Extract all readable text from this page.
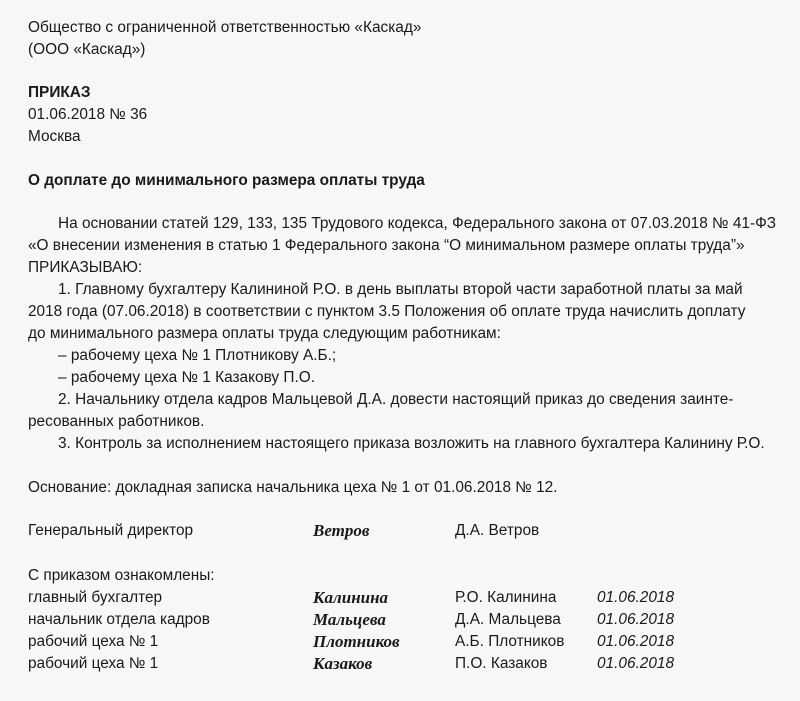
Общество с ограниченной ответственностью «Каскад»
(ООО «Каскад»)
ПРИКАЗ
01.06.2018 № 36
Москва
О доплате до минимального размера оплаты труда
На основании статей 129, 133, 135 Трудового кодекса, Федерального закона от 07.03.2018 № 41-ФЗ
«О внесении изменения в статью 1 Федерального закона “О минимальном размере оплаты труда”»
ПРИКАЗЫВАЮ:
1. Главному бухгалтеру Калининой Р.О. в день выплаты второй части заработной платы за май
2018 года (07.06.2018) в соответствии с пунктом 3.5 Положения об оплате труда начислить доплату
до минимального размера оплаты труда следующим работникам:
– рабочему цеха № 1 Плотникову А.Б.;
– рабочему цеха № 1 Казакову П.О.
2. Начальнику отдела кадров Мальцевой Д.А. довести настоящий приказ до сведения заинте-
ресованных работников.
3. Контроль за исполнением настоящего приказа возложить на главного бухгалтера Калинину Р.О.
Основание: докладная записка начальника цеха № 1 от 01.06.2018 № 12.
Генеральный директор	Ветров	Д.А. Ветров
С приказом ознакомлены:
главный бухгалтер	Калинина	Р.О. Калинина	01.06.2018
начальник отдела кадров	Мальцева	Д.А. Мальцева 01.06.2018
рабочий цеха № 1	Плотников	А.Б. Плотников 01.06.2018
рабочий цеха № 1	Казаков	П.О. Казаков	01.06.2018
